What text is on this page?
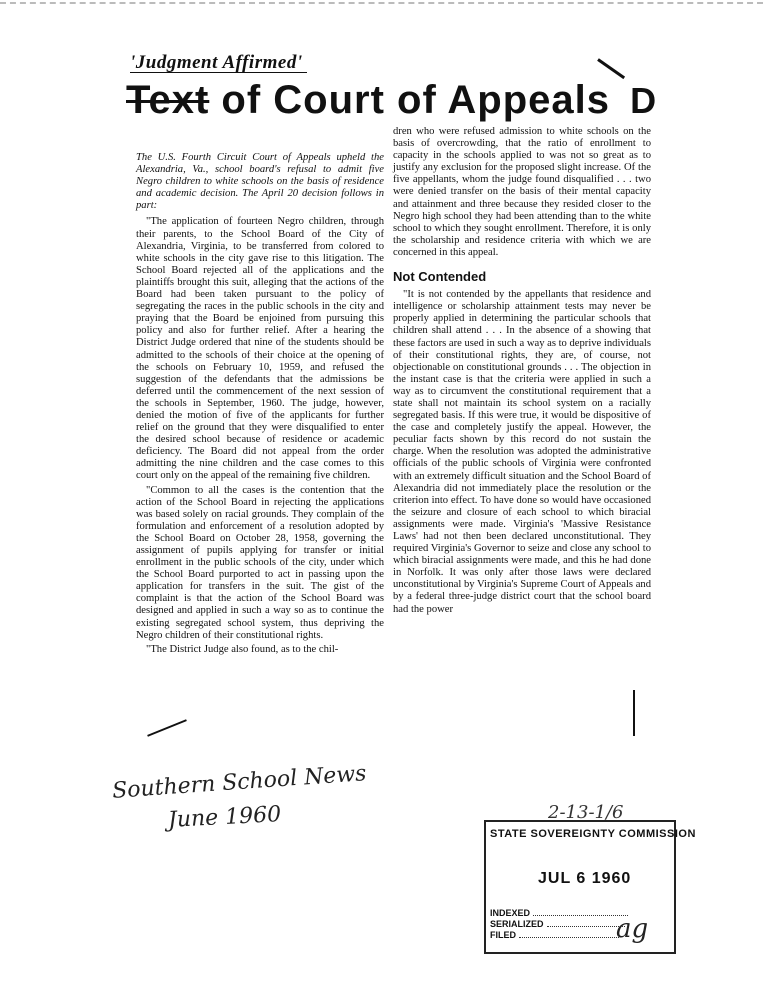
'Judgment Affirmed'
Text of Court of Appeals D

The U.S. Fourth Circuit Court of Appeals upheld the Alexandria, Va., school board's refusal to admit five Negro children to white schools on the basis of residence and academic decision. The April 20 decision follows in part:

"The application of fourteen Negro children, through their parents, to the School Board of the City of Alexandria, Virginia, to be transferred from colored to white schools in the city gave rise to this litigation. The School Board rejected all of the applications and the plaintiffs brought this suit, alleging that the actions of the Board had been taken pursuant to the policy of segregating the races in the public schools in the city and praying that the Board be enjoined from pursuing this policy and also for further relief. After a hearing the District Judge ordered that nine of the students should be admitted to the schools of their choice at the opening of the schools on February 10, 1959, and refused the suggestion of the defendants that the admissions be deferred until the commencement of the next session of the schools in September, 1960. The judge, however, denied the motion of five of the applicants for further relief on the ground that they were disqualified to enter the desired school because of residence or academic deficiency. The Board did not appeal from the order admitting the nine children and the case comes to this court only on the appeal of the remaining five children.

"Common to all the cases is the contention that the action of the School Board in rejecting the applications was based solely on racial grounds. They complain of the formulation and enforcement of a resolution adopted by the School Board on October 28, 1958, governing the assignment of pupils applying for transfer or initial enrollment in the public schools of the city, under which the School Board purported to act in passing upon the application for transfers in the suit. The gist of the complaint is that the action of the School Board was designed and applied in such a way so as to continue the existing segregated school system, thus depriving the Negro children of their constitutional rights.

"The District Judge also found, as to the chil-

dren who were refused admission to white schools on the basis of overcrowding, that the ratio of enrollment to capacity in the schools applied to was not so great as to justify any exclusion for the proposed slight increase. Of the five appellants, whom the judge found disqualified . . . two were denied transfer on the basis of their mental capacity and attainment and three because they resided closer to the Negro high school they had been attending than to the white school to which they sought enrollment. Therefore, it is only the scholarship and residence criteria with which we are concerned in this appeal.

Not Contended

"It is not contended by the appellants that residence and intelligence or scholarship attainment tests may never be properly applied in determining the particular schools that children shall attend . . . In the absence of a showing that these factors are used in such a way as to deprive individuals of their constitutional rights, they are, of course, not objectionable on constitutional grounds . . . The objection in the instant case is that the criteria were applied in such a way as to circumvent the constitutional requirement that a state shall not maintain its school system on a racially segregated basis. If this were true, it would be dispositive of the case and completely justify the appeal. However, the peculiar facts shown by this record do not sustain the charge. When the resolution was adopted the administrative officials of the public schools of Virginia were confronted with an extremely difficult situation and the School Board of Alexandria did not immediately place the resolution or the criterion into effect. To have done so would have occasioned the seizure and closure of each school to which biracial assignments were made. Virginia's 'Massive Resistance Laws' had not then been declared unconstitutional. They required Virginia's Governor to seize and close any school to which biracial assignments were made, and this he had done in Norfolk. It was only after those laws were declared unconstitutional by Virginia's Supreme Court of Appeals and by a federal three-judge district court that the school board had the power

Southern School News
June 1960	2-13-1/6
STATE SOVEREIGNTY COMMISSION
JUL 6 1960
INDEXED
SERIALIZED
FILED	ag
